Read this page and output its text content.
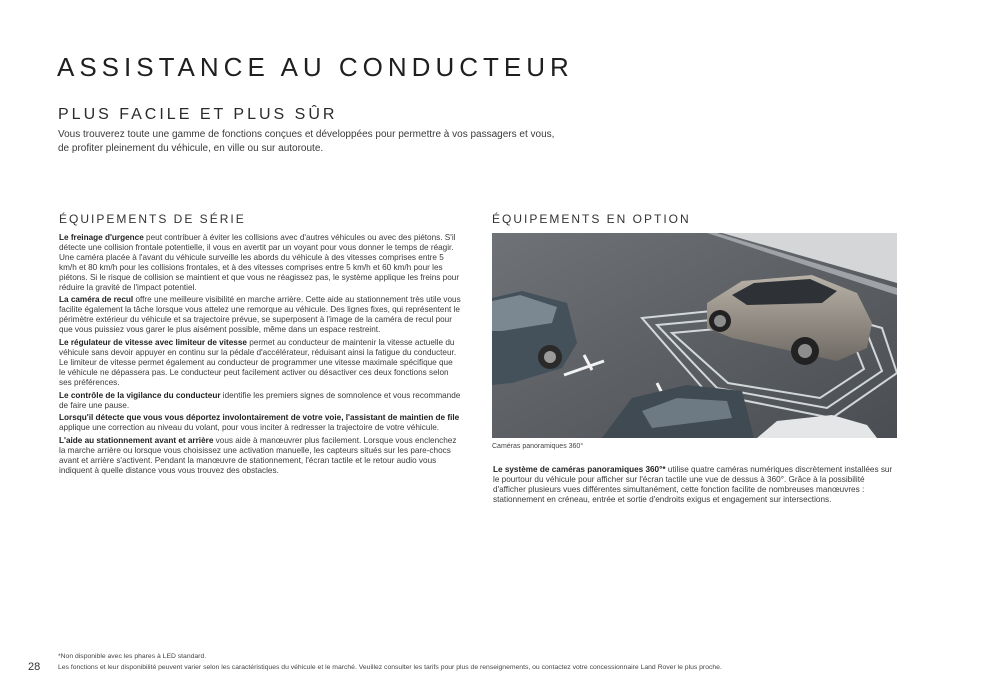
ASSISTANCE AU CONDUCTEUR
PLUS FACILE ET PLUS SÛR

Vous trouverez toute une gamme de fonctions conçues et développées pour permettre à vos passagers et vous, de profiter pleinement du véhicule, en ville ou sur autoroute.

ÉQUIPEMENTS DE SÉRIE

Le freinage d'urgence peut contribuer à éviter les collisions avec d'autres véhicules ou avec des piétons. S'il détecte une collision frontale potentielle, il vous en avertit par un voyant pour vous donner le temps de réagir. Une caméra placée à l'avant du véhicule surveille les abords du véhicule à des vitesses comprises entre 5 km/h et 80 km/h pour les collisions frontales, et à des vitesses comprises entre 5 km/h et 60 km/h pour les piétons. Si le risque de collision se maintient et que vous ne réagissez pas, le système applique les freins pour réduire la gravité de l'impact potentiel.

La caméra de recul offre une meilleure visibilité en marche arrière. Cette aide au stationnement très utile vous facilite également la tâche lorsque vous attelez une remorque au véhicule. Des lignes fixes, qui représentent le périmètre extérieur du véhicule et sa trajectoire prévue, se superposent à l'image de la caméra de recul pour que vous puissiez vous garer le plus aisément possible, même dans un espace restreint.

Le régulateur de vitesse avec limiteur de vitesse permet au conducteur de maintenir la vitesse actuelle du véhicule sans devoir appuyer en continu sur la pédale d'accélérateur, réduisant ainsi la fatigue du conducteur. Le limiteur de vitesse permet également au conducteur de programmer une vitesse maximale spécifique que le véhicule ne dépassera pas. Le conducteur peut facilement activer ou désactiver ces deux fonctions selon ses préférences.

Le contrôle de la vigilance du conducteur identifie les premiers signes de somnolence et vous recommande de faire une pause.

Lorsqu'il détecte que vous vous déportez involontairement de votre voie, l'assistant de maintien de file applique une correction au niveau du volant, pour vous inciter à redresser la trajectoire de votre véhicule.

L'aide au stationnement avant et arrière vous aide à manœuvrer plus facilement. Lorsque vous enclenchez la marche arrière ou lorsque vous choisissez une activation manuelle, les capteurs situés sur les pare-chocs avant et arrière s'activent. Pendant la manœuvre de stationnement, l'écran tactile et le retour audio vous indiquent à quelle distance vous vous trouvez des obstacles.

ÉQUIPEMENTS EN OPTION
Caméras panoramiques 360°

Le système de caméras panoramiques 360°* utilise quatre caméras numériques discrètement installées sur le pourtour du véhicule pour afficher sur l'écran tactile une vue de dessus à 360°. Grâce à la possibilité d'afficher plusieurs vues différentes simultanément, cette fonction facilite de nombreuses manœuvres : stationnement en créneau, entrée et sortie d'endroits exigus et engagement sur intersections.

28
*Non disponible avec les phares à LED standard.
Les fonctions et leur disponibilité peuvent varier selon les caractéristiques du véhicule et le marché. Veuillez consulter les tarifs pour plus de renseignements, ou contactez votre concessionnaire Land Rover le plus proche.
